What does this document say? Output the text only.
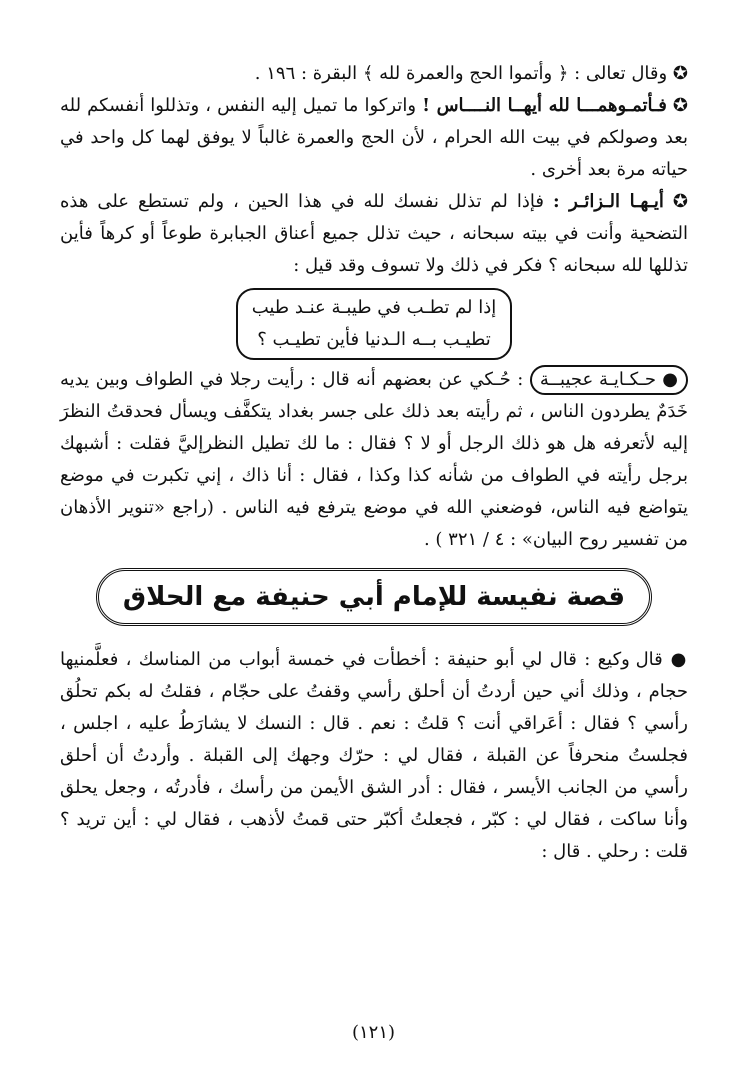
✪ وقال تعالى : ﴿ وأتموا الحج والعمرة لله ﴾ البقرة : ١٩٦ .

✪ فـأتمـوهمـــا لله أيهــا النــــاس ! واتركوا ما تميل إليه النفس ، وتذللوا أنفسكم لله بعد وصولكم في بيت الله الحرام ، لأن الحج والعمرة غالباً لا يوفق لهما كل واحد في حياته مرة بعد أخرى .

✪ أيـهـا الـزائـر : فإذا لم تذلل نفسك لله في هذا الحين ، ولم تستطع على هذه التضحية وأنت في بيته سبحانه ، حيث تذلل جميع أعناق الجبابرة طوعاً أو كرهاً فأين تذللها لله سبحانه ؟ فكر في ذلك ولا تسوف وقد قيل :

إذا لم تطـب في طيبـة عنـد طيب
تطيـب بــه الـدنيا فأين تطيـب ؟

● حـكـايـة عجيبــة : حُـكي عن بعضهم أنه قال : رأيت رجلا في الطواف وبين يديه خَدَمٌ يطردون الناس ، ثم رأيته بعد ذلك على جسر بغداد يتكفَّف ويسأل فحدقتُ النظرَ إليه لأتعرفه هل هو ذلك الرجل أو لا ؟ فقال : ما لك تطيل النظرإليَّ فقلت : أشبهك برجل رأيته في الطواف من شأنه كذا وكذا ، فقال : أنا ذاك ، إني تكبرت في موضع يتواضع فيه الناس، فوضعني الله في موضع يترفع فيه الناس . (راجع «تنوير الأذهان من تفسير روح البيان» : ٤ / ٣٢١ ) .

قصة نفيسة للإمام أبي حنيفة مع الحلاق

● قال وكيع : قال لي أبو حنيفة : أخطأت في خمسة أبواب من المناسك ، فعلَّمنيها حجام ، وذلك أني حين أردتُ أن أحلق رأسي وقفتُ على حجّام ، فقلتُ له بكم تحلُق رأسي ؟ فقال : أعَراقي أنت ؟ قلتُ : نعم . قال : النسك لا يشارَطُ عليه ، اجلس ، فجلستُ منحرفاً عن القبلة ، فقال لي : حرّك وجهك إلى القبلة . وأردتُ أن أحلق رأسي من الجانب الأيسر ، فقال : أدر الشق الأيمن من رأسك ، فأدرتُه ، وجعل يحلق وأنا ساكت ، فقال لي : كبّر ، فجعلتُ أكبّر حتى قمتُ لأذهب ، فقال لي : أين تريد ؟ قلت : رحلي . قال :

(١٢١)
